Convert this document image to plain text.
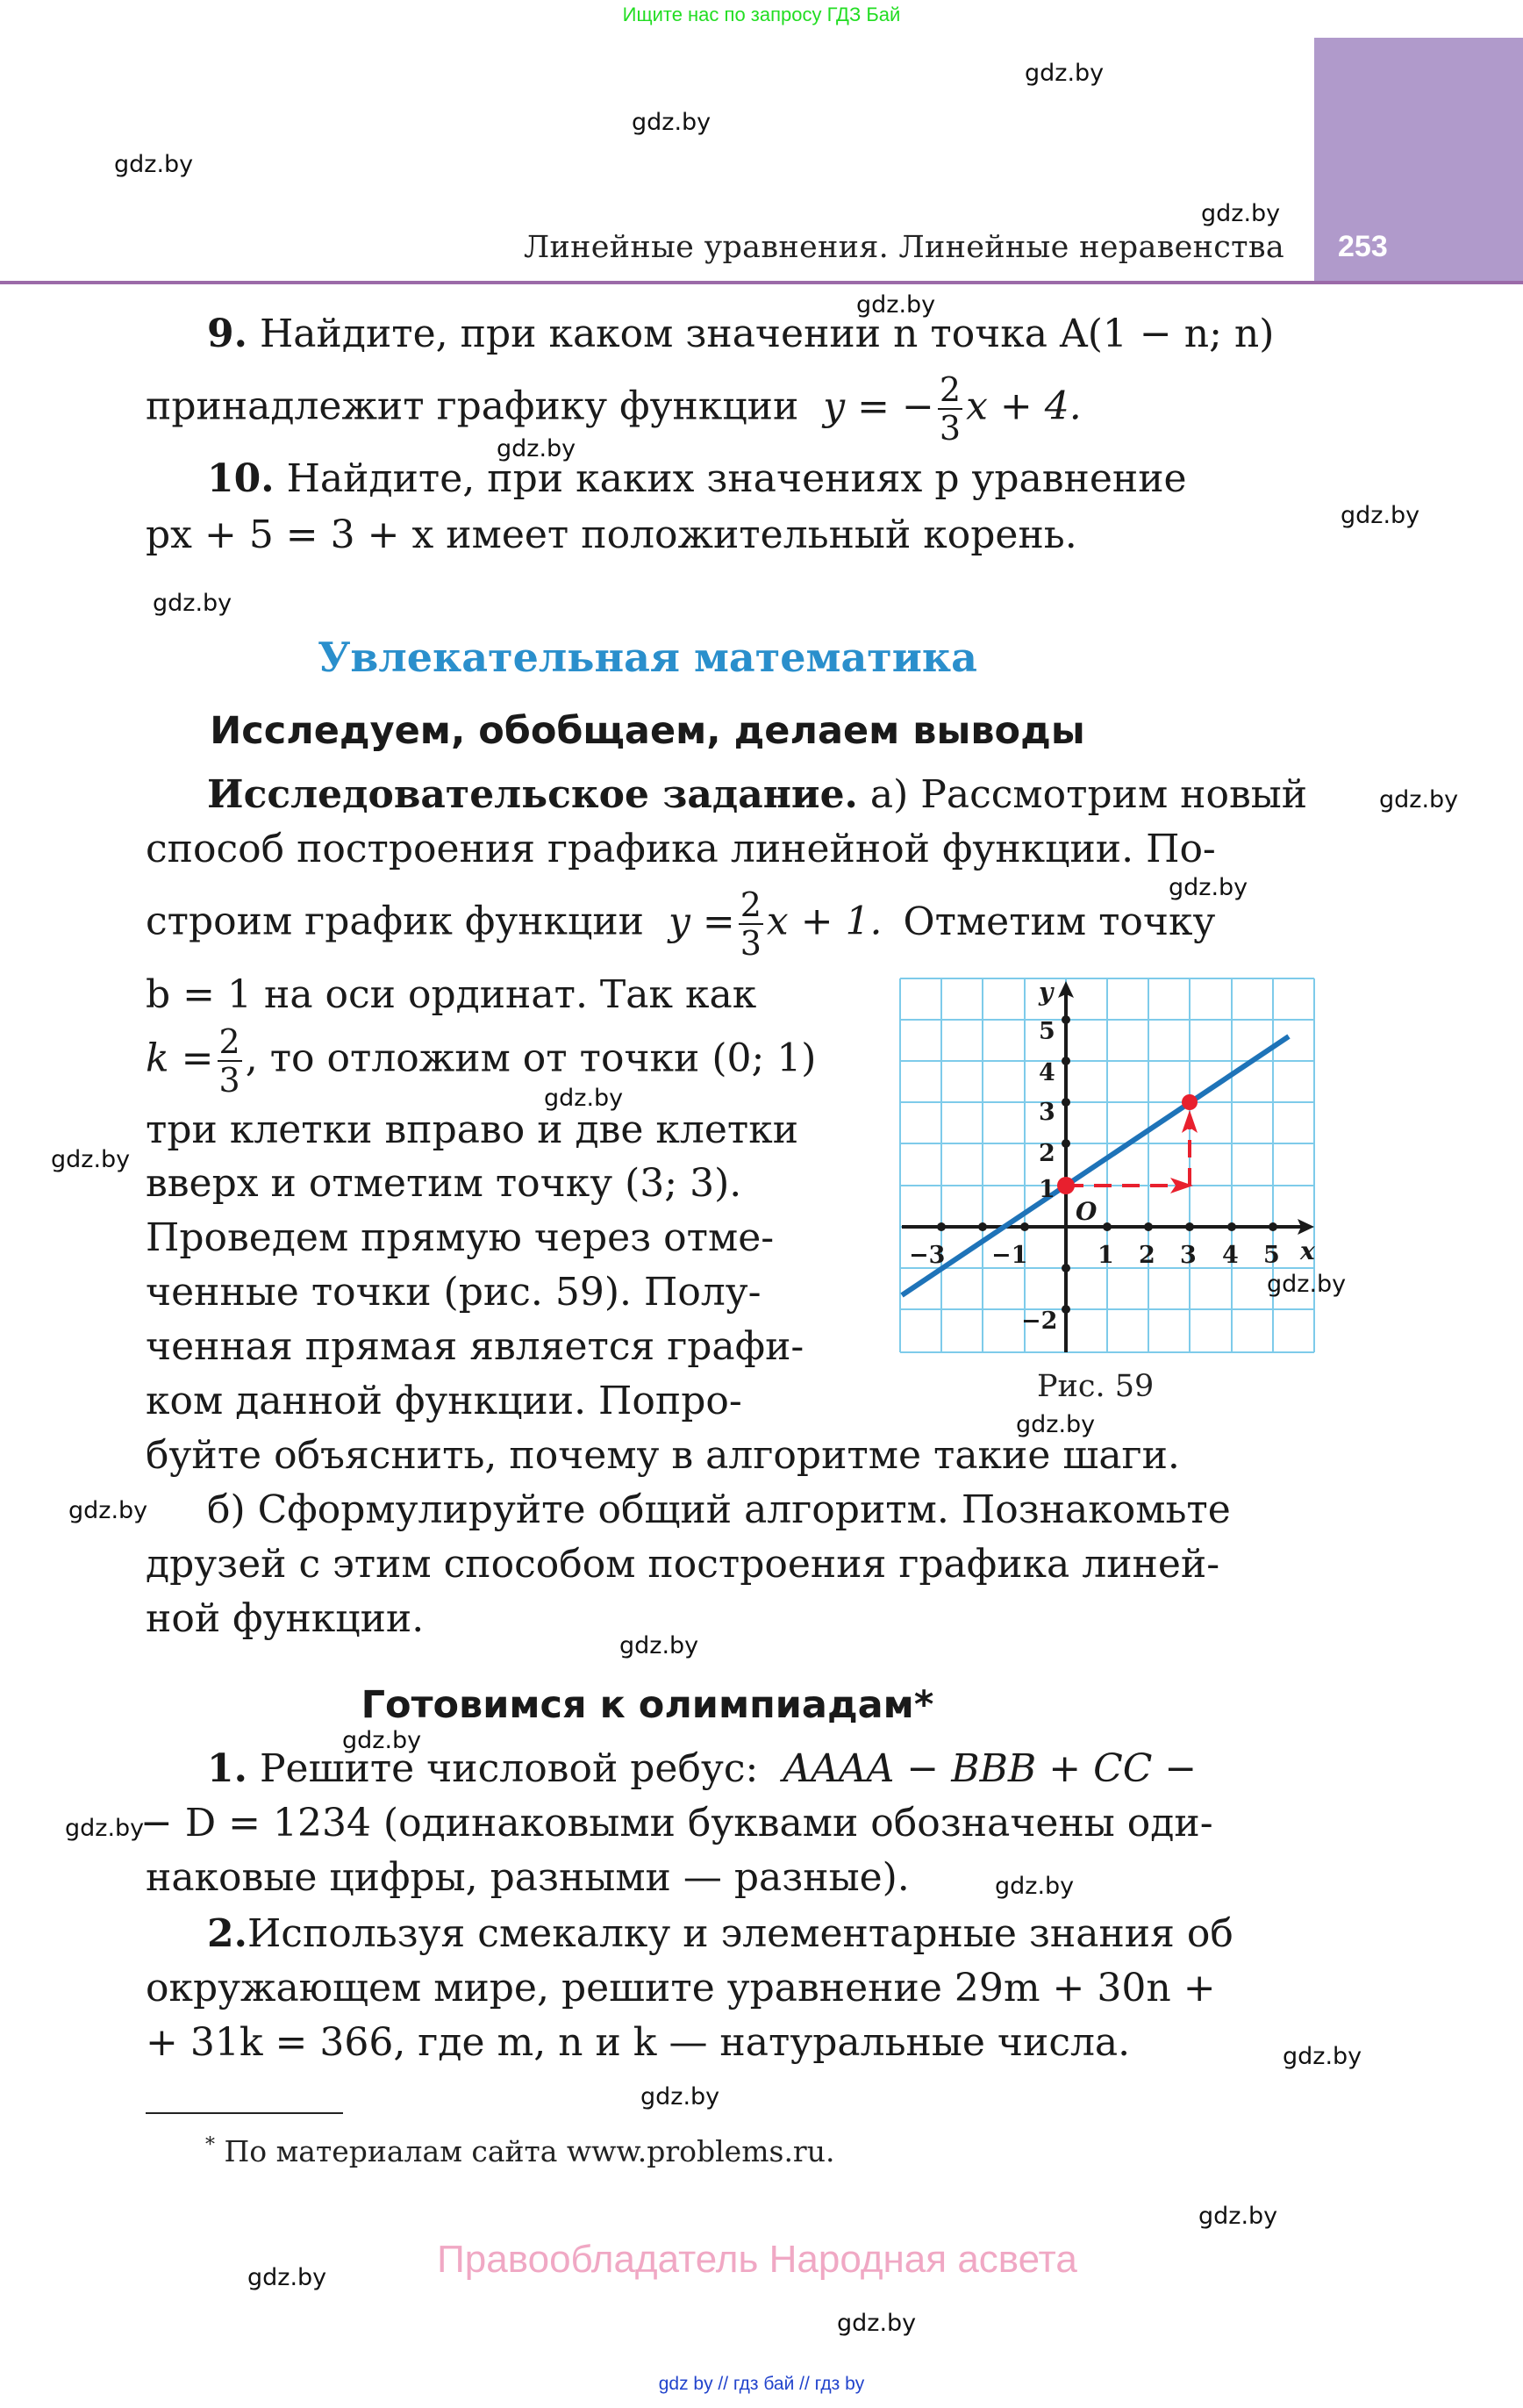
Ищите нас по запросу ГДЗ Бай
253
Линейные уравнения. Линейные неравенства
9. Найдите, при каком значении n точка A(1 − n; n)
принадлежит графику функции y = − $\frac{2}{3}$ x + 4.
10. Найдите, при каких значениях p уравнение
px + 5 = 3 + x имеет положительный корень.
Увлекательная математика
Исследуем, обобщаем, делаем выводы
Исследовательское задание. а) Рассмотрим новый
способ построения графика линейной функции. По-
строим график функции $y = \frac{2}{3}$ x + 1. Отметим точку
b = 1 на оси ординат. Так как
$k = \frac{2}{3}$ , то отложим от точки (0; 1)
три клетки вправо и две клетки
вверх и отметим точку (3; 3).
Проведем прямую через отме-
ченные точки (рис. 59). Полу-
ченная прямая является графи-
ком данной функции. Попро-
буйте объяснить, почему в алгоритме такие шаги.
−3 −1	1 2 3 4 5
5
4
3
2
1
−2
x
y
O
Рис. 59
б) Сформулируйте общий алгоритм. Познакомьте
друзей с этим способом построения графика линей-
ной функции.
Готовимся к олимпиадам*
1. Решите числовой ребус: AAAA − BBB + CC −
− D = 1234 (одинаковыми буквами обозначены оди-
наковые цифры, разными — разные).
2.Используя смекалку и элементарные знания об
окружающем мире, решите уравнение 29m + 30n +
+ 31k = 366, где m, n и k — натуральные числа.
* По материалам сайта www.problems.ru.
Правообладатель Народная асвета
gdz by // гдз бай // гдз by
gdz.by
gdz.by
gdz.by
gdz.by
gdz.by
gdz.by
gdz.by
gdz.by
gdz.by
gdz.by
gdz.by
gdz.by
gdz.by
gdz.by
gdz.by
gdz.by
gdz.by
gdz.by
gdz.by
gdz.by
gdz.by
gdz.by
gdz.by
gdz.by
